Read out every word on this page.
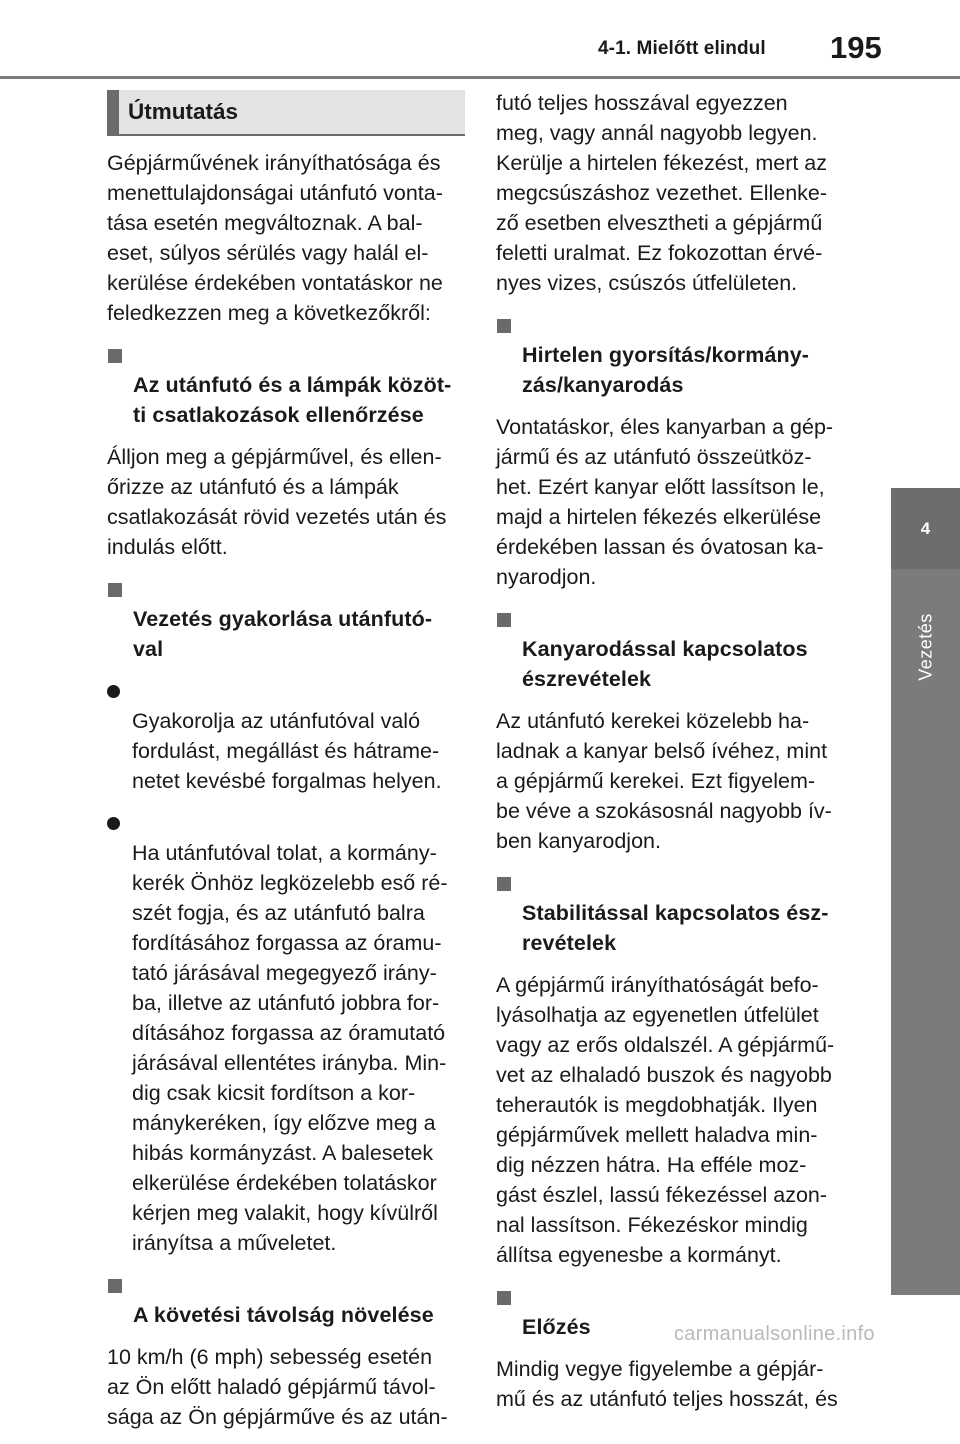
4-1. Mielőtt elindul 195
4
Vezetés
Útmutatás

Gépjárművének irányíthatósága és
menettulajdonságai utánfutó vonta-
tása esetén megváltoznak. A bal-
eset, súlyos sérülés vagy halál el-
kerülése érdekében vontatáskor ne
feledkezzen meg a következőkről:

Az utánfutó és a lámpák közöt-
ti csatlakozások ellenőrzése

Álljon meg a gépjárművel, és ellen-
őrizze az utánfutó és a lámpák
csatlakozását rövid vezetés után és
indulás előtt.

Vezetés gyakorlása utánfutó-
val

Gyakorolja az utánfutóval való
fordulást, megállást és hátrame-
netet kevésbé forgalmas helyen.

Ha utánfutóval tolat, a kormány-
kerék Önhöz legközelebb eső ré-
szét fogja, és az utánfutó balra
fordításához forgassa az óramu-
tató járásával megegyező irány-
ba, illetve az utánfutó jobbra for-
dításához forgassa az óramutató
járásával ellentétes irányba. Min-
dig csak kicsit fordítson a kor-
mánykeréken, így előzve meg a
hibás kormányzást. A balesetek
elkerülése érdekében tolatáskor
kérjen meg valakit, hogy kívülről
irányítsa a műveletet.

A követési távolság növelése

10 km/h (6 mph) sebesség esetén
az Ön előtt haladó gépjármű távol-
sága az Ön gépjárműve és az után-

futó teljes hosszával egyezzen
meg, vagy annál nagyobb legyen.
Kerülje a hirtelen fékezést, mert az
megcsúszáshoz vezethet. Ellenke-
ző esetben elvesztheti a gépjármű
feletti uralmat. Ez fokozottan érvé-
nyes vizes, csúszós útfelületen.

Hirtelen gyorsítás/kormány-
zás/kanyarodás

Vontatáskor, éles kanyarban a gép-
jármű és az utánfutó összeütköz-
het. Ezért kanyar előtt lassítson le,
majd a hirtelen fékezés elkerülése
érdekében lassan és óvatosan ka-
nyarodjon.

Kanyarodással kapcsolatos
észrevételek

Az utánfutó kerekei közelebb ha-
ladnak a kanyar belső ívéhez, mint
a gépjármű kerekei. Ezt figyelem-
be véve a szokásosnál nagyobb ív-
ben kanyarodjon.

Stabilitással kapcsolatos ész-
revételek

A gépjármű irányíthatóságát befo-
lyásolhatja az egyenetlen útfelület
vagy az erős oldalszél. A gépjármű-
vet az elhaladó buszok és nagyobb
teherautók is megdobhatják. Ilyen
gépjárművek mellett haladva min-
dig nézzen hátra. Ha efféle moz-
gást észlel, lassú fékezéssel azon-
nal lassítson. Fékezéskor mindig
állítsa egyenesbe a kormányt.

Előzés

Mindig vegye figyelembe a gépjár-
mű és az utánfutó teljes hosszát, és

carmanualsonline.info
